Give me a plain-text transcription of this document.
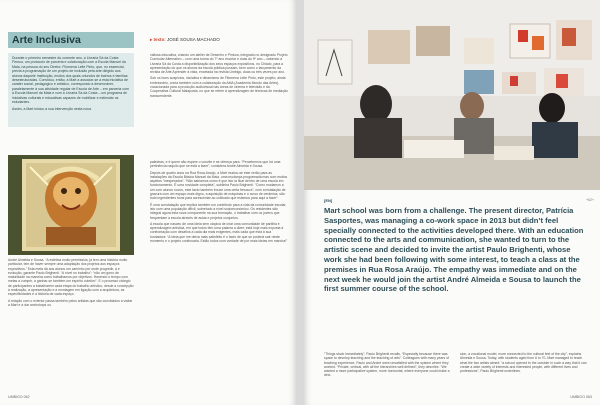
Arte Inclusiva	▸ texto: JOSÉ SOUSA MACHADO

Durante o primeiro semestre do corrente ano, a Livraria Sá da Costa Firmou, um protocolo de parceria e colaboração com a Escola Manuel da Maia, na pessoa do seu Diretor, Filomena Leite Pinto, que, no essencial, previa a programação de um projeto de inclusão pela arte dirigido aos alunos daquele Instituição, muitos dos quais oriundos de bairros e famílias desestruturadas. Convidou, então, a Mart a associar-se a esta iniciativa de caráter social, pedagógico e artístico, correspondo a desenvolver, paralelamente à sua atividade regular de Escola de Arte – em parceria com a Escola Manuel da Maia e com a Livraria Sá da Costa – um programa de iniciativas culturais e educativas capazes de mobilizar e estimular os estudantes.

Assim, a Mart iniciou a sua intervenção nesta nova

valiosa educativa, criando um atelier de Desenho e Pintura, integrado no designado Projeto Curricular Alternativo – com uma turma do 7º ano escolar e duas do 9º ano – cabendo à Livraria Sá da Costa a disponibilização dos seus espaços expositivos, no Chiado, para a apresentação do que os alunos da escola pública possam, bem como o lançamento da revista de Arte Aprender à vista, encetada na revista Umbigo, duas ou três vezes por ano.

Sob os bons auspícios, iniciativa e dinamismo de Filomena Leite Pinto, este projeto, ainda embrionário, conta também com a colaboração da AMA (Academia Mundo das Artes), vocacionada para a produção audiovisual nas áreas de cinema e televisão e da Cooperativa Cultural Malaposta, no que se refere à aprendizagem de técnicas de mediação transcendente.

André Almeida e Sousa. “A estética muito premissiva, já tem uma história muito particular, tem de haver sempre uma adaptação dos projetos aos espaços expositivos.” Esta meta dá aos alunos um caminho por onde progredir, à e evolução, garante Paulo Brighenti. “A nível no trabalho”: “não um gorro de maturidade na maneira como trabalhamos por objetivos. Havendo o tempo com metas a cumprir, a ganhar-se também um espírito coletivo”. E o processo ciclegio de participantes a trabalharem cada etapa do trabalho artístico, desde a concepção à realização, a apresentação e a montagem em ligação com a arquitetura, as especificidades e a história de cada espaço.

A relação com o exterior passa também pelos artistas que são convidados a visitar a Mart e a dar workshops ou

palestras, e é quem não espere o convite e se ofereça para. “Percebemos que há uma pertinência naquilo que se está a fazer”, considera André Almeida e Sousa.

Depois de quatro anos na Rua Rosa Araújo, a Mart mudou-se este verão para as instalações da Escola Básica Manuel da Maia, uma mudança programada mas com muitos aspetos “inesperados”. “Não sabíamos como é que isto ia ficar dentro de uma escola em funcionamento. É uma novidade completa”, sublinha Paulo Brighenti. “Como mudamos a um com alunos novos, este facto também trouxe uma certa frescura”, com a instalação de gravura com um espaço mais digno, a aquisição de máquinas e o curso de cerâmica, são tudo ingredientes bons para acrescentar ao cultivado que estamos para aqui a fazer”.

É uma constatação que implica também um contributo para a vida da comunidade escolar, isto com uma população difícil, sobretudo a nível socioeconómico. Os residentes são integral agora esta nova componente na sua formação, o trabalhar com os jovens que frequentam a escola através de aulas e projetos conjuntos.

A escola que nasceu de uma ideia sem utopica de criar uma comunidade de partilha e aprendizagem artística, em que todos têm uma palavra a dizer, está hoje mais exposta à confrontação com desafios a cada dia mais exigentes, mais cada que está á sua fundadora: “A ideia que me deixa mais satisfeito é o facto de que se poderia sair neste momento e o projeto continuaria. Estão todos com vontade de por mais ideias em marcha!”

UMBIGO 062
[EN]	+62+
Mart school was born from a challenge. The present director, Patrícia Sasportes, was managing a co-work space in 2013 but didn’t feel specially connected to the activities developed there. With an education connected to the arts and communication, she wanted to turn to the artistic scene and decided to invite the artist Paulo Brighenti, whose work she had been following with some interest, to teach a class at the premises in Rua Rosa Araújo. The empathy was immediate and on the next week he would join the artist André Almeida e Sousa to launch the first summer course of the school.

“Things stuck immediately”, Paulo Brighenti recalls. “Especially because there was space to develop teaching and the teaching of arts”. Colleagues with many years of teaching experience, Paulo and André were unsatisfied with the system where they worked. “Private, vertical, with all the hierarchies well defined”, they describe. “We wanted a more participative system, more horizontal, where everyone could make a deci-

sion, a vocational model, more connected to the cultural feel of the city”, explains Almeida e Sousa. Today, with students aged from 6 to 70, Mart managed to teach what the two artists aimed: “a school opened to the outsider in such a way that it can create a wide variety of interests and interested people, with different lives and professions”, Paulo Brighenti underlines.

UMBIGO 063
